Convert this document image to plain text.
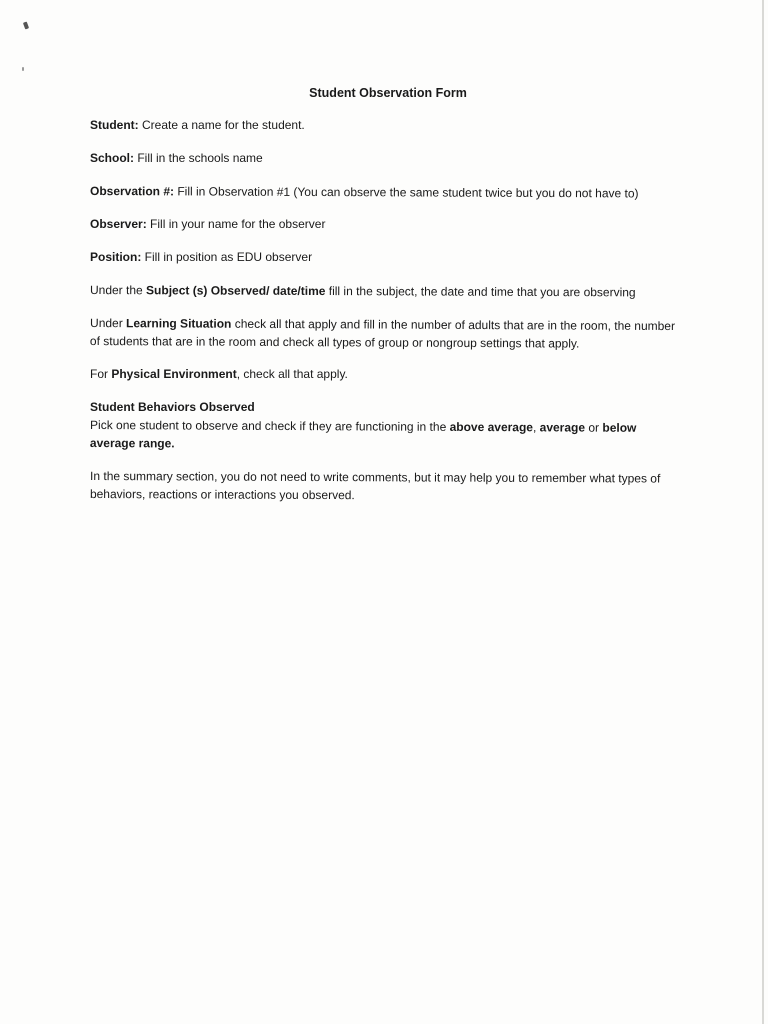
Student Observation Form

Student: Create a name for the student.

School: Fill in the schools name

Observation #: Fill in Observation #1 (You can observe the same student twice but you do not have to)

Observer: Fill in your name for the observer

Position: Fill in position as EDU observer

Under the Subject (s) Observed/ date/time fill in the subject, the date and time that you are observing

Under Learning Situation check all that apply and fill in the number of adults that are in the room, the number of students that are in the room and check all types of group or nongroup settings that apply.

For Physical Environment, check all that apply.

Student Behaviors Observed

Pick one student to observe and check if they are functioning in the above average, average or below average range.

In the summary section, you do not need to write comments, but it may help you to remember what types of behaviors, reactions or interactions you observed.
